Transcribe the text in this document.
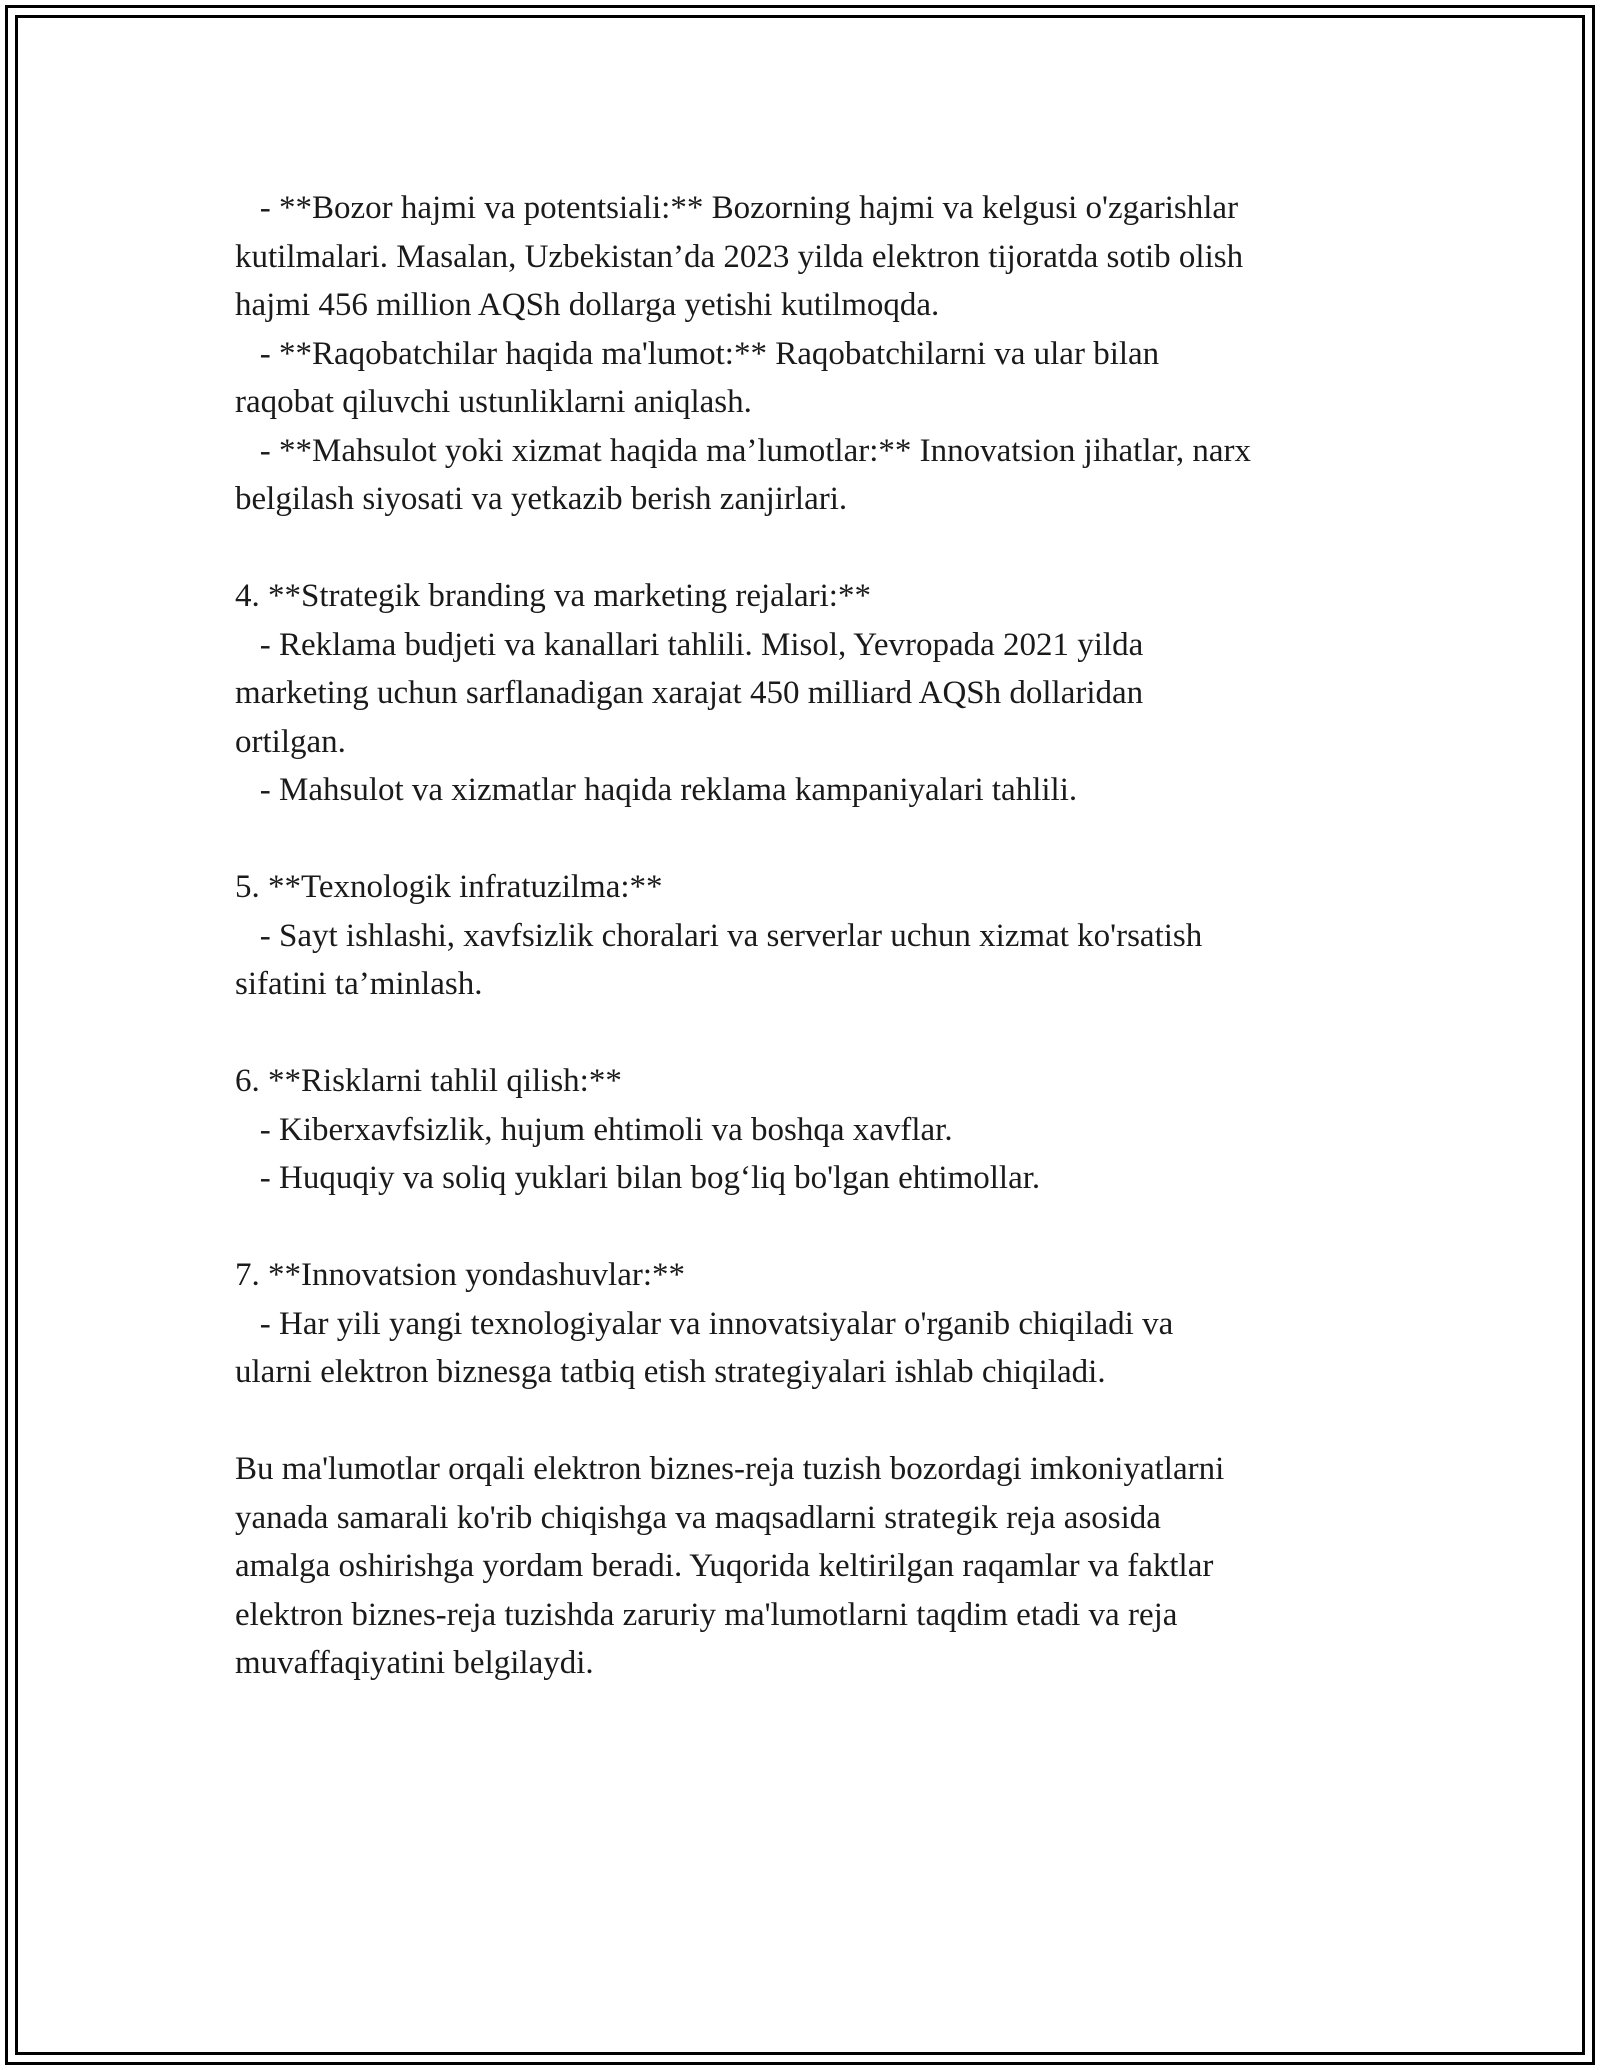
- **Bozor hajmi va potentsiali:** Bozorning hajmi va kelgusi o'zgarishlar
kutilmalari. Masalan, Uzbekistan’da 2023 yilda elektron tijoratda sotib olish
hajmi 456 million AQSh dollarga yetishi kutilmoqda.
- **Raqobatchilar haqida ma'lumot:** Raqobatchilarni va ular bilan
raqobat qiluvchi ustunliklarni aniqlash.
- **Mahsulot yoki xizmat haqida ma’lumotlar:** Innovatsion jihatlar, narx
belgilash siyosati va yetkazib berish zanjirlari.
4. **Strategik branding va marketing rejalari:**
- Reklama budjeti va kanallari tahlili. Misol, Yevropada 2021 yilda
marketing uchun sarflanadigan xarajat 450 milliard AQSh dollaridan
ortilgan.
- Mahsulot va xizmatlar haqida reklama kampaniyalari tahlili.
5. **Texnologik infratuzilma:**
- Sayt ishlashi, xavfsizlik choralari va serverlar uchun xizmat ko'rsatish
sifatini ta’minlash.
6. **Risklarni tahlil qilish:**
- Kiberxavfsizlik, hujum ehtimoli va boshqa xavflar.
- Huquqiy va soliq yuklari bilan bog‘liq bo'lgan ehtimollar.
7. **Innovatsion yondashuvlar:**
- Har yili yangi texnologiyalar va innovatsiyalar o'rganib chiqiladi va
ularni elektron biznesga tatbiq etish strategiyalari ishlab chiqiladi.
Bu ma'lumotlar orqali elektron biznes-reja tuzish bozordagi imkoniyatlarni
yanada samarali ko'rib chiqishga va maqsadlarni strategik reja asosida
amalga oshirishga yordam beradi. Yuqorida keltirilgan raqamlar va faktlar
elektron biznes-reja tuzishda zaruriy ma'lumotlarni taqdim etadi va reja
muvaffaqiyatini belgilaydi.
